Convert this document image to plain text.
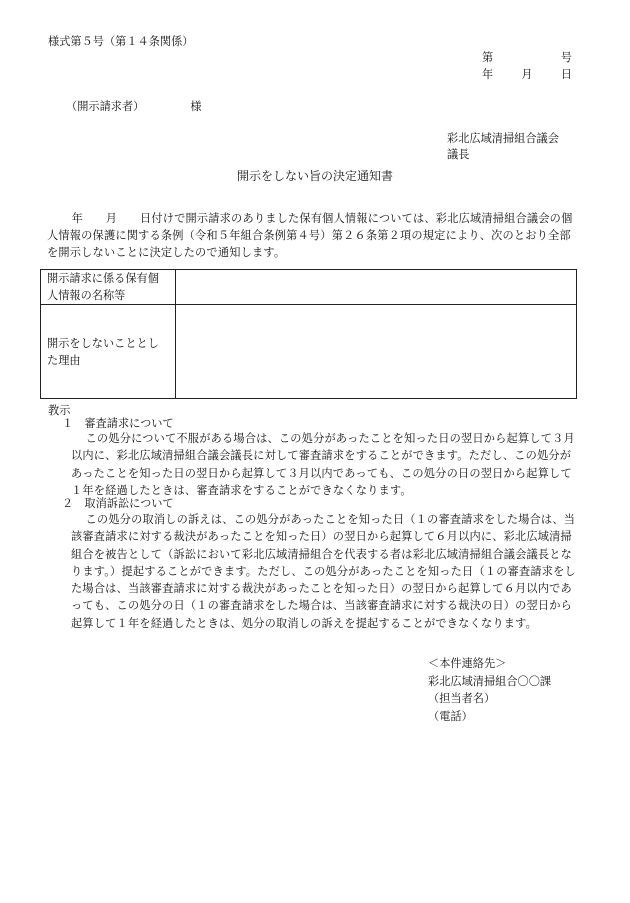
様式第５号（第１４条関係）
第	号
年	月	日
（開示請求者）	様
彩北広域清掃組合議会
議長
開示をしない旨の決定通知書

年　　月　　日付けで開示請求のありました保有個人情報については、彩北広域清掃組合議会の個人情報の保護に関する条例（令和５年組合条例第４号）第２６条第２項の規定により、次のとおり全部を開示しないことに決定したので通知します。

開示請求に係る保有個人情報の名称等	
開示をしないこととした理由	
教示
１　審査請求について

この処分について不服がある場合は、この処分があったことを知った日の翌日から起算して３月以内に、彩北広域清掃組合議会議長に対して審査請求をすることができます。ただし、この処分があったことを知った日の翌日から起算して３月以内であっても、この処分の日の翌日から起算して１年を経過したときは、審査請求をすることができなくなります。

２　取消訴訟について

この処分の取消しの訴えは、この処分があったことを知った日（１の審査請求をした場合は、当該審査請求に対する裁決があったことを知った日）の翌日から起算して６月以内に、彩北広域清掃組合を被告として（訴訟において彩北広域清掃組合を代表する者は彩北広域清掃組合議会議長となります。）提起することができます。ただし、この処分があったことを知った日（１の審査請求をした場合は、当該審査請求に対する裁決があったことを知った日）の翌日から起算して６月以内であっても、この処分の日（１の審査請求をした場合は、当該審査請求に対する裁決の日）の翌日から起算して１年を経過したときは、処分の取消しの訴えを提起することができなくなります。

＜本件連絡先＞
彩北広域清掃組合〇〇課
（担当者名）
（電話）
